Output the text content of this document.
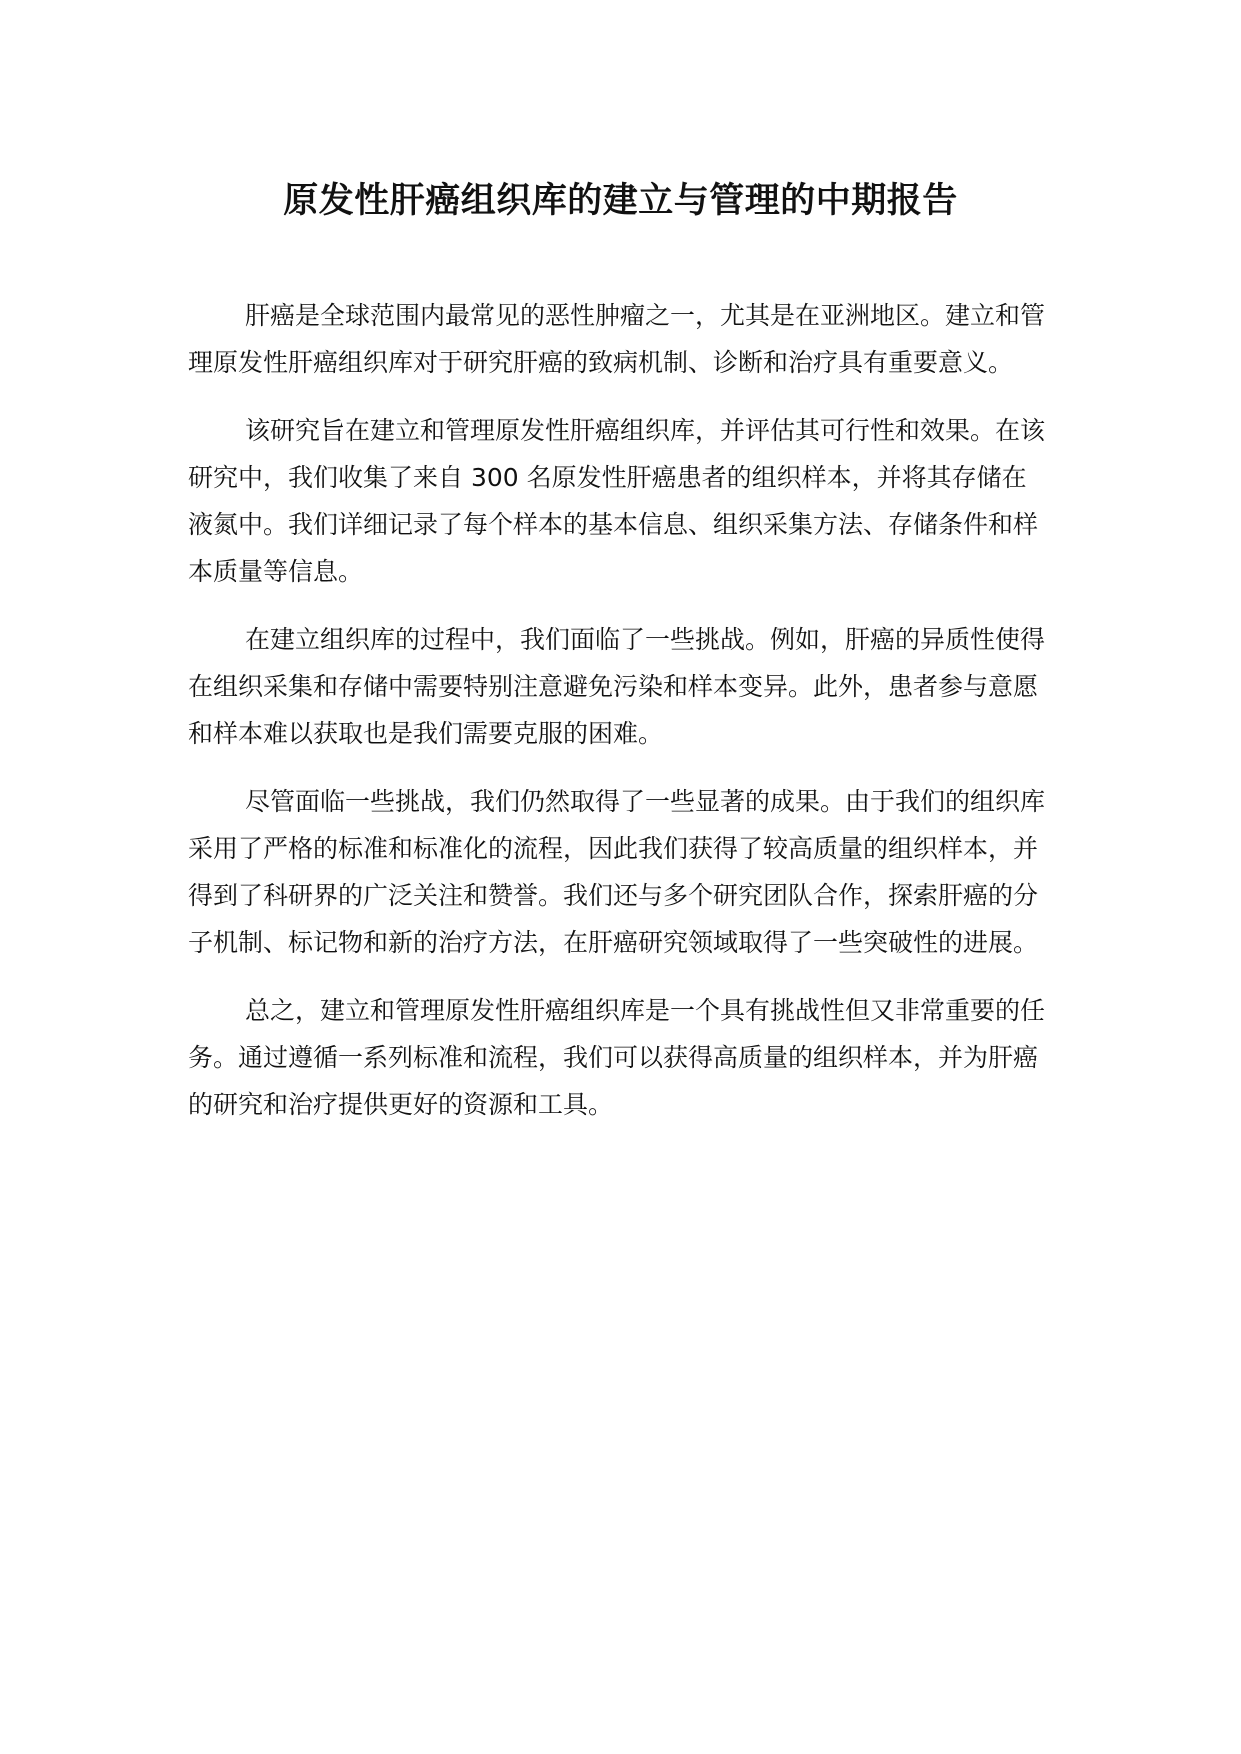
原发性肝癌组织库的建立与管理的中期报告

肝癌是全球范围内最常见的恶性肿瘤之一，尤其是在亚洲地区。建立和管理原发性肝癌组织库对于研究肝癌的致病机制、诊断和治疗具有重要意义。

该研究旨在建立和管理原发性肝癌组织库，并评估其可行性和效果。在该研究中，我们收集了来自 300 名原发性肝癌患者的组织样本，并将其存储在液氮中。我们详细记录了每个样本的基本信息、组织采集方法、存储条件和样本质量等信息。

在建立组织库的过程中，我们面临了一些挑战。例如，肝癌的异质性使得在组织采集和存储中需要特别注意避免污染和样本变异。此外，患者参与意愿和样本难以获取也是我们需要克服的困难。

尽管面临一些挑战，我们仍然取得了一些显著的成果。由于我们的组织库采用了严格的标准和标准化的流程，因此我们获得了较高质量的组织样本，并得到了科研界的广泛关注和赞誉。我们还与多个研究团队合作，探索肝癌的分子机制、标记物和新的治疗方法，在肝癌研究领域取得了一些突破性的进展。

总之，建立和管理原发性肝癌组织库是一个具有挑战性但又非常重要的任务。通过遵循一系列标准和流程，我们可以获得高质量的组织样本，并为肝癌的研究和治疗提供更好的资源和工具。
